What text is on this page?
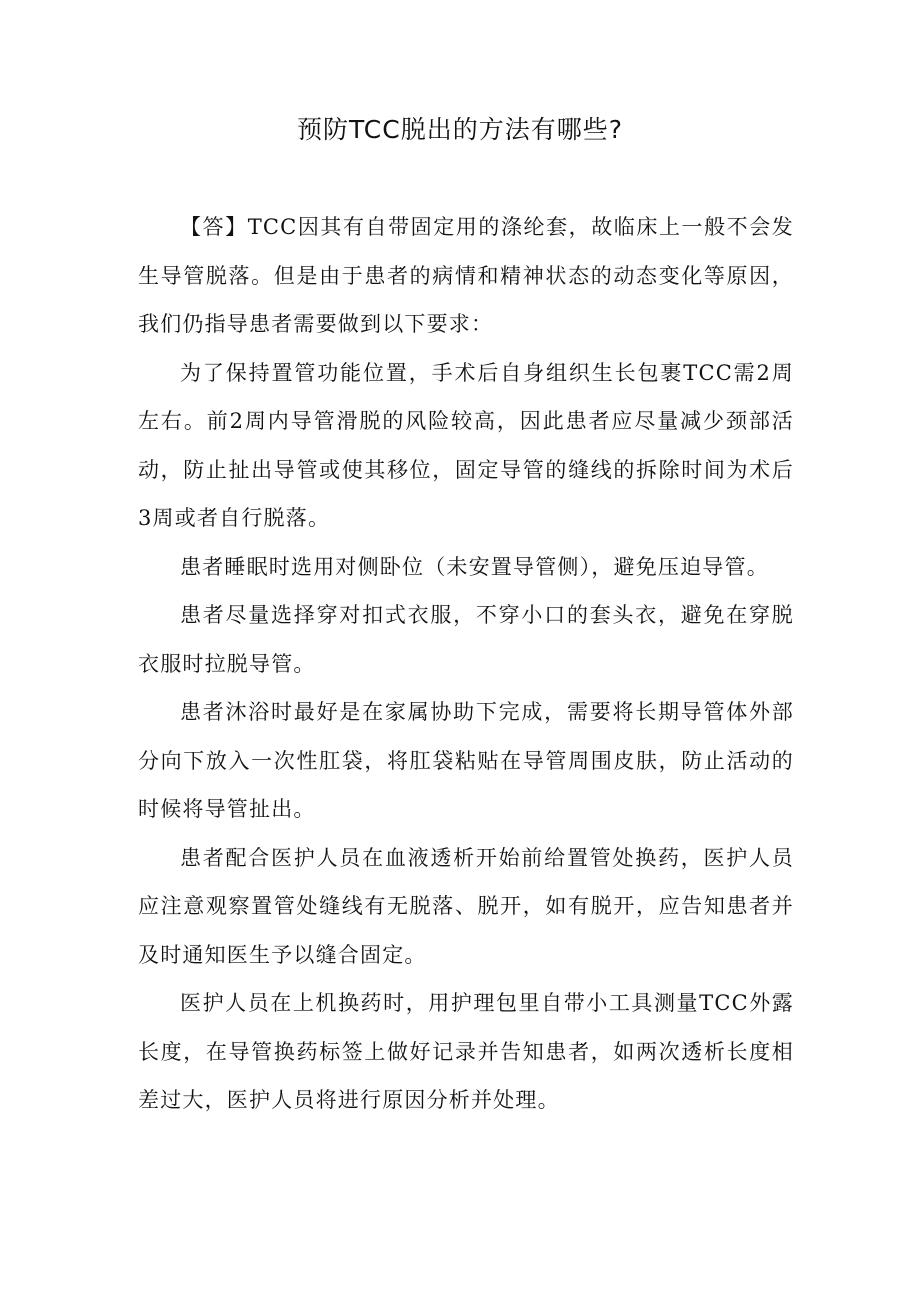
预防TCC脱出的方法有哪些?

【答】TCC因其有自带固定用的涤纶套，故临床上一般不会发生导管脱落。但是由于患者的病情和精神状态的动态变化等原因，我们仍指导患者需要做到以下要求：

为了保持置管功能位置，手术后自身组织生长包裹TCC需2周左右。前2周内导管滑脱的风险较高，因此患者应尽量减少颈部活动，防止扯出导管或使其移位，固定导管的缝线的拆除时间为术后3周或者自行脱落。

患者睡眠时选用对侧卧位（未安置导管侧），避免压迫导管。

患者尽量选择穿对扣式衣服，不穿小口的套头衣，避免在穿脱衣服时拉脱导管。

患者沐浴时最好是在家属协助下完成，需要将长期导管体外部分向下放入一次性肛袋，将肛袋粘贴在导管周围皮肤，防止活动的时候将导管扯出。

患者配合医护人员在血液透析开始前给置管处换药，医护人员应注意观察置管处缝线有无脱落、脱开，如有脱开，应告知患者并及时通知医生予以缝合固定。

医护人员在上机换药时，用护理包里自带小工具测量TCC外露长度，在导管换药标签上做好记录并告知患者，如两次透析长度相差过大，医护人员将进行原因分析并处理。
